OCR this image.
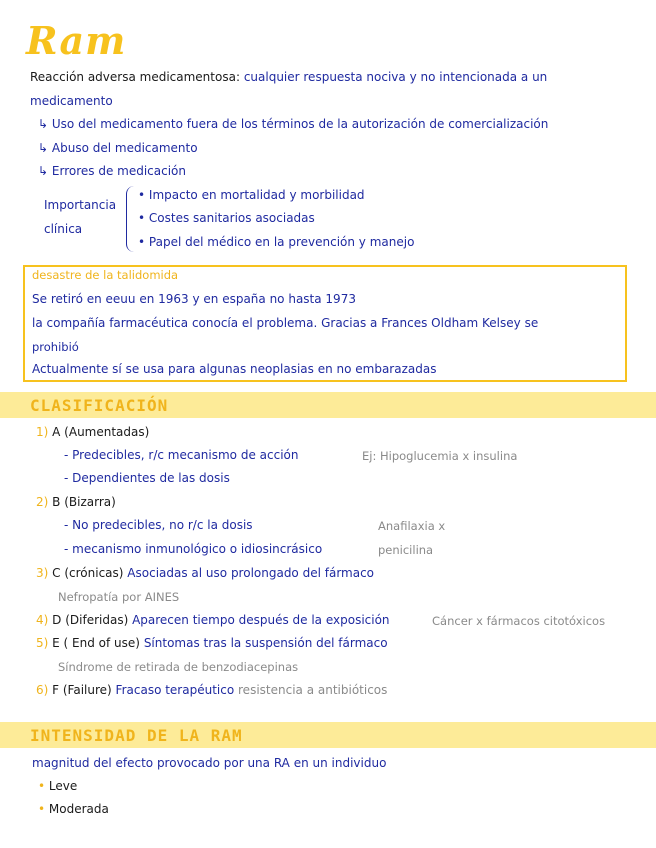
Ram
Reacción adversa medicamentosa: cualquier respuesta nociva y no intencionada a un
medicamento
↳ Uso del medicamento fuera de los términos de la autorización de comercialización
↳ Abuso del medicamento
↳ Errores de medicación
Importancia
clínica
• Impacto en mortalidad y morbilidad
• Costes sanitarios asociadas
• Papel del médico en la prevención y manejo
desastre de la talidomida
Se retiró en eeuu en 1963 y en españa no hasta 1973
la compañía farmacéutica conocía el problema. Gracias a Frances Oldham Kelsey se
prohibió
Actualmente sí se usa para algunas neoplasias en no embarazadas
CLASIFICACIÓN
1) A (Aumentadas)
- Predecibles, r/c mecanismo de acción	Ej: Hipoglucemia x insulina
- Dependientes de las dosis
2) B (Bizarra)
- No predecibles, no r/c la dosis	Anafilaxia x
- mecanismo inmunológico o idiosincrásico	penicilina
3) C (crónicas) Asociadas al uso prolongado del fármaco
Nefropatía por AINES
4) D (Diferidas) Aparecen tiempo después de la exposición	Cáncer x fármacos citotóxicos
5) E ( End of use) Síntomas tras la suspensión del fármaco
Síndrome de retirada de benzodiacepinas
6) F (Failure) Fracaso terapéutico resistencia a antibióticos
INTENSIDAD DE LA RAM
magnitud del efecto provocado por una RA en un individuo
• Leve
• Moderada
